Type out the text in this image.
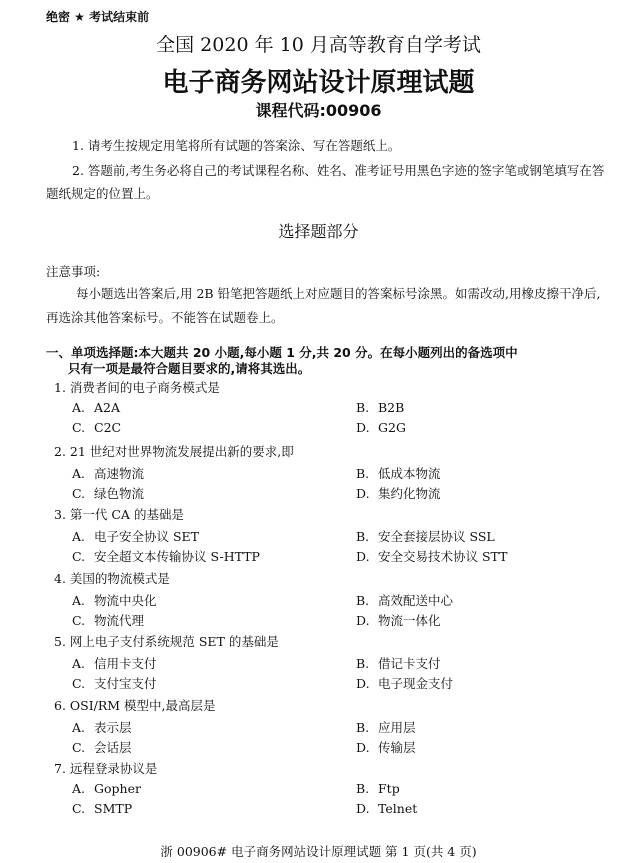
绝密 ★ 考试结束前
全国 2020 年 10 月高等教育自学考试
电子商务网站设计原理试题
课程代码:00906
1. 请考生按规定用笔将所有试题的答案涂、写在答题纸上。
2. 答题前,考生务必将自己的考试课程名称、姓名、准考证号用黑色字迹的签字笔或钢笔填写在答题纸规定的位置上。
选择题部分
注意事项:
每小题选出答案后,用 2B 铅笔把答题纸上对应题目的答案标号涂黑。如需改动,用橡皮擦干净后,再选涂其他答案标号。不能答在试题卷上。
一、单项选择题:本大题共 20 小题,每小题 1 分,共 20 分。在每小题列出的备选项中
只有一项是最符合题目要求的,请将其选出。
1. 消费者间的电子商务模式是
A. A2A	B. B2B
C. C2C	D. G2G
2. 21 世纪对世界物流发展提出新的要求,即
A. 高速物流	B. 低成本物流
C. 绿色物流	D. 集约化物流
3. 第一代 CA 的基础是
A. 电子安全协议 SET	B. 安全套接层协议 SSL
C. 安全超文本传输协议 S-HTTP	D. 安全交易技术协议 STT
4. 美国的物流模式是
A. 物流中央化	B. 高效配送中心
C. 物流代理	D. 物流一体化
5. 网上电子支付系统规范 SET 的基础是
A. 信用卡支付	B. 借记卡支付
C. 支付宝支付	D. 电子现金支付
6. OSI/RM 模型中,最高层是
A. 表示层	B. 应用层
C. 会话层	D. 传输层
7. 远程登录协议是
A. Gopher	B. Ftp
C. SMTP	D. Telnet
浙 00906# 电子商务网站设计原理试题 第 1 页(共 4 页)
